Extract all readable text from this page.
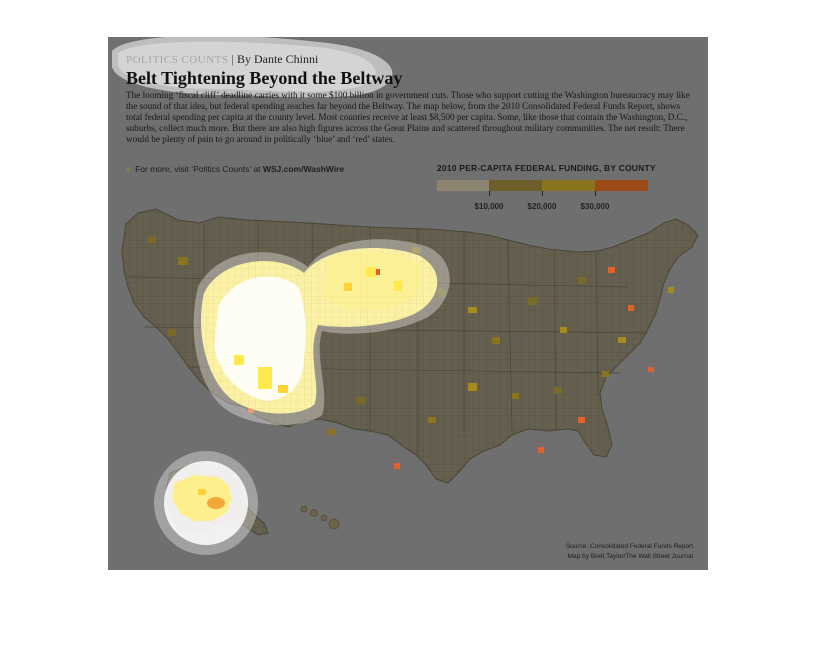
POLITICS COUNTS | By Dante Chinni
Belt Tightening Beyond the Beltway
The looming ‘fiscal cliff’ deadline carries with it some $100 billion in government cuts. Those who support cutting the Washington bureaucracy may like the sound of that idea, but federal spending reaches far beyond the Beltway. The map below, from the 2010 Consolidated Federal Funds Report, shows total federal spending per capita at the county level. Most counties receive at least $8,500 per capita. Some, like those that contain the Washington, D.C., suburbs, collect much more. But there are also high figures across the Great Plains and scattered throughout military communities. The net result: There would be plenty of pain to go around in politically ‘blue’ and ‘red’ states.
» For more, visit ‘Politics Counts’ at WSJ.com/WashWire	2010 PER-CAPITA FEDERAL FUNDING, BY COUNTY
$10,000	$20,000	$30,000
Source: Consolidated Federal Funds Report
Map by Brett Taylor/The Wall Street Journal
